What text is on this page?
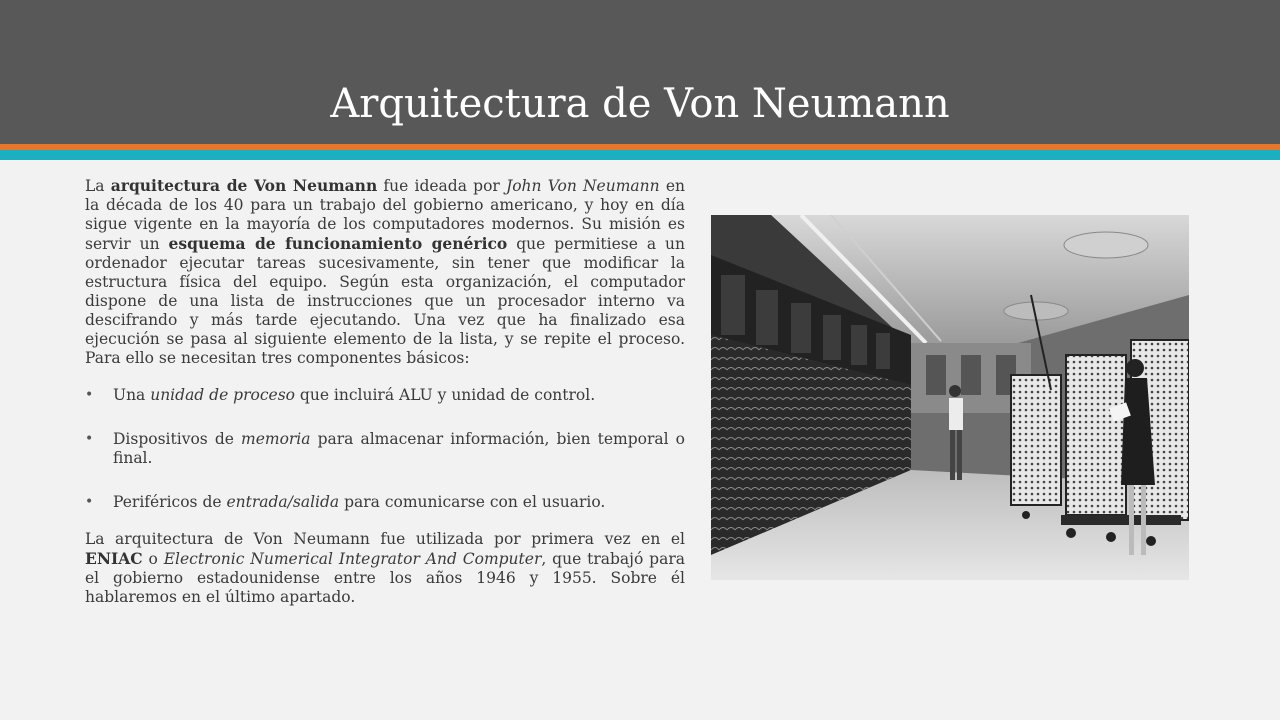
Arquitectura de Von Neumann

La arquitectura de Von Neumann fue ideada por John Von Neumann en la década de los 40 para un trabajo del gobierno americano, y hoy en día sigue vigente en la mayoría de los computadores modernos. Su misión es servir un esquema de funcionamiento genérico que permitiese a un ordenador ejecutar tareas sucesivamente, sin tener que modificar la estructura física del equipo. Según esta organización, el computador dispone de una lista de instrucciones que un procesador interno va descifrando y más tarde ejecutando. Una vez que ha finalizado esa ejecución se pasa al siguiente elemento de la lista, y se repite el proceso. Para ello se necesitan tres componentes básicos:

• Una unidad de proceso que incluirá ALU y unidad de control.
• Dispositivos de memoria para almacenar información, bien temporal o final.
• Periféricos de entrada/salida para comunicarse con el usuario.

La arquitectura de Von Neumann fue utilizada por primera vez en el ENIAC o Electronic Numerical Integrator And Computer, que trabajó para el gobierno estadounidense entre los años 1946 y 1955. Sobre él hablaremos en el último apartado.
